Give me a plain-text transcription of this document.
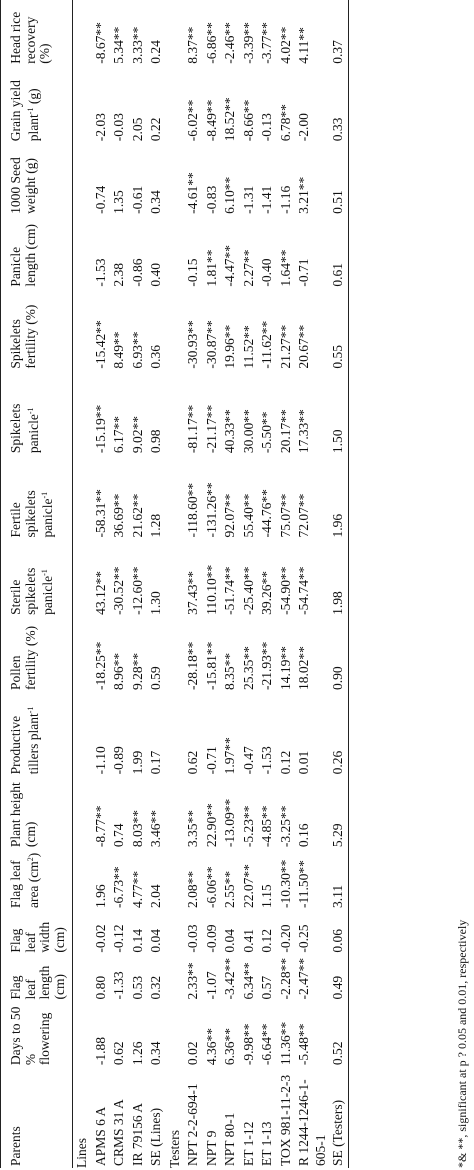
Parents	Days to 50 % flowering	Flag leaf length (cm)	Flag leaf width (cm)	Flag leaf area $(cm^2)$	Plant height (cm)	Productive tillers plant$^{-1}$	Pollen fertility (%)	Sterile spikelets panicle$^{-1}$	Fertile spikelets panicle$^{-1}$	Spikelets panicle$^{-1}$	Spikelets fertility (%)	Panicle length (cm)	1000 Seed weight (g)	Grain yield plant$^{-1}$ (g)	Head rice recovery (%)
Lines															
APMS 6 A	-1.88	0.80	-0.02	1.96	-8.77**	-1.10	-18.25**	43.12**	-58.31**	-15.19**	-15.42**	-1.53	-0.74	-2.03	-8.67**
CRMS 31 A	0.62	-1.33	-0.12	-6.73**	0.74	-0.89	8.96**	-30.52**	36.69**	6.17**	8.49**	2.38	1.35	-0.03	5.34**
IR 79156 A	1.26	0.53	0.14	4.77**	8.03**	1.99	9.28**	-12.60**	21.62**	9.02**	6.93**	-0.86	-0.61	2.05	3.33**
SE (Lines)	0.34	0.32	0.04	2.04	3.46**	0.17	0.59	1.30	1.28	0.98	0.36	0.40	0.34	0.22	0.24
Testers															
NPT 2-2-694-1	0.02	2.33**	-0.03	2.08**	3.35**	0.62	-28.18**	37.43**	-118.60**	-81.17**	-30.93**	-0.15	-4.61**	-6.02**	8.37**
NPT 9	4.36**	-1.07	-0.09	-6.06**	22.90**	-0.71	-15.81**	110.10**	-131.26**	-21.17**	-30.87**	1.81**	-0.83	-8.49**	-6.86**
NPT 80-1	6.36**	-3.42**	0.04	2.55**	-13.09**	1.97**	8.35**	-51.74**	92.07**	40.33**	19.96**	-4.47**	6.10**	18.52**	-2.46**
ET 1-12	-9.98**	6.34**	0.41	22.07**	-5.23**	-0.47	25.35**	-25.40**	55.40**	30.00**	11.52**	2.27**	-1.31	-8.66**	-3.39**
ET 1-13	-6.64**	0.57	0.12	1.15	-4.85**	-1.53	-21.93**	39.26**	-44.76**	-5.50**	-11.62**	-0.40	-1.41	-0.13	-3.77**
TOX 981-11-2-3	11.36**	-2.28**	-0.20	-10.30**	-3.25**	0.12	14.19**	-54.90**	75.07**	20.17**	21.27**	1.64**	-1.16	6.78**	4.02**
R 1244-1246-1-605-1	-5.48**	-2.47**	-0.25	-11.50**	0.16	0.01	18.02**	-54.74**	72.07**	17.33**	20.67**	-0.71	3.21**	-2.00	4.11**
SE (Testers)	0.52	0.49	0.06	3.11	5.29	0.26	0.90	1.98	1.96	1.50	0.55	0.61	0.51	0.33	0.37
*& **, significant at p ? 0.05 and 0.01, respectively
